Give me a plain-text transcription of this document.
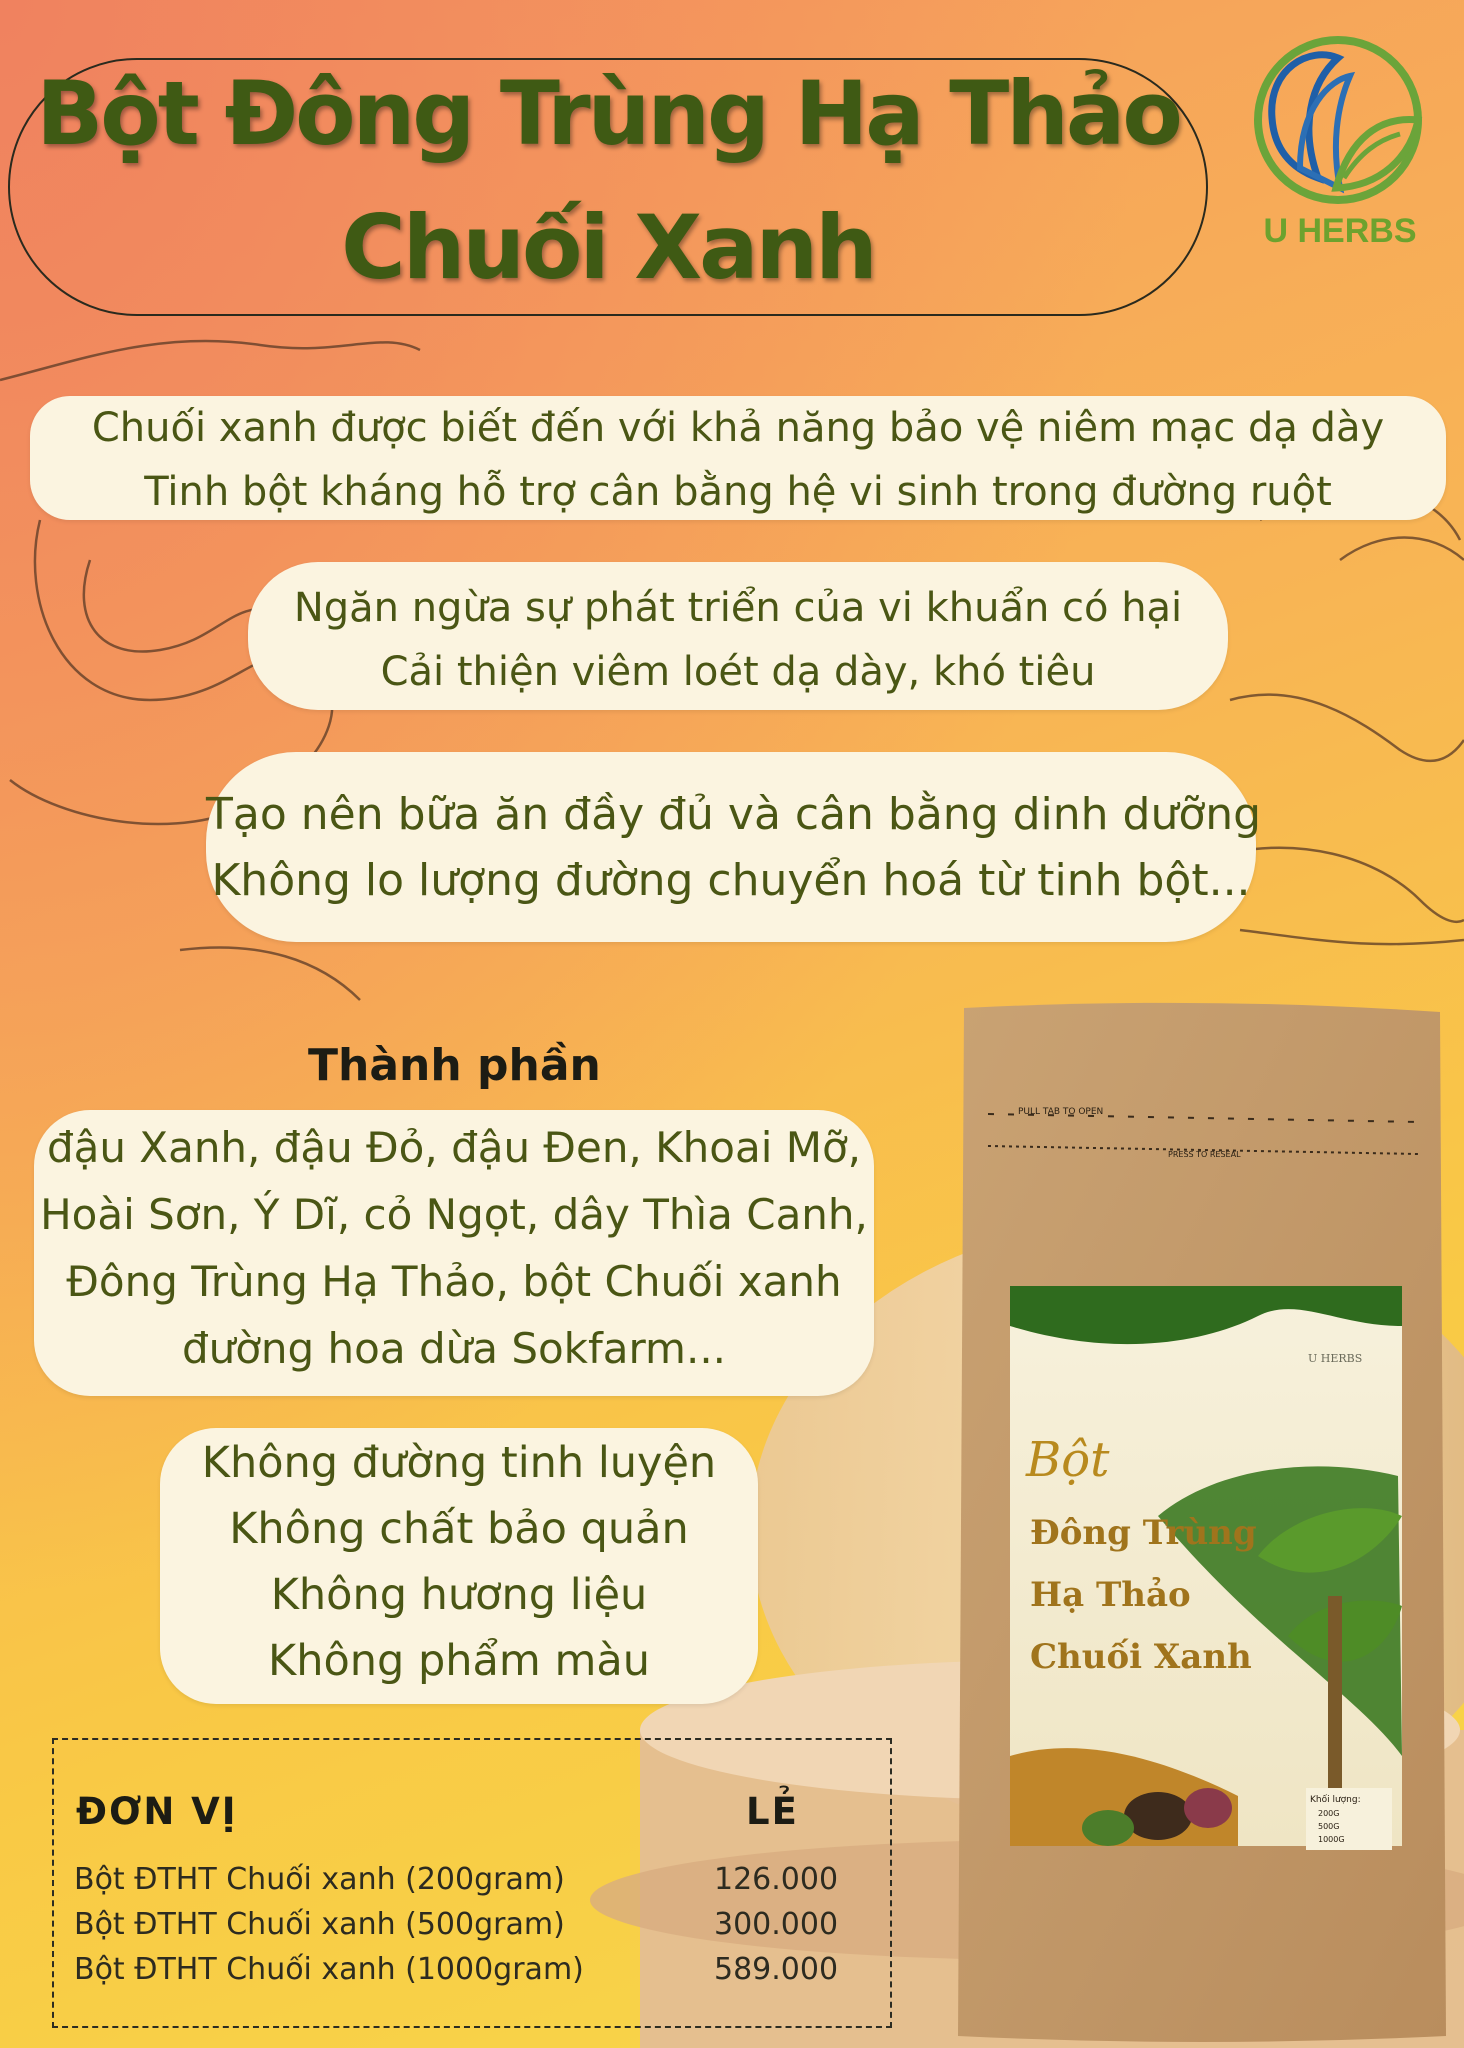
Bột Đông Trùng Hạ Thảo
Chuối Xanh	U HERBS
Chuối xanh được biết đến với khả năng bảo vệ niêm mạc dạ dày
Tinh bột kháng hỗ trợ cân bằng hệ vi sinh trong đường ruột
Ngăn ngừa sự phát triển của vi khuẩn có hại
Cải thiện viêm loét dạ dày, khó tiêu
Tạo nên bữa ăn đầy đủ và cân bằng dinh dưỡng
Không lo lượng đường chuyển hoá từ tinh bột...
Thành phần
đậu Xanh, đậu Đỏ, đậu Đen, Khoai Mỡ,
Hoài Sơn, Ý Dĩ, cỏ Ngọt, dây Thìa Canh,
Đông Trùng Hạ Thảo, bột Chuối xanh
đường hoa dừa Sokfarm...
Không đường tinh luyện
Không chất bảo quản
Không hương liệu
Không phẩm màu
PULL TAB TO OPEN
PRESS TO RESEAL
U HERBS
Bột
Đông Trùng
Hạ Thảo
Chuối Xanh
Khối lượng:
200G
500G
1000G
ĐƠN VỊ	LẺ
Bột ĐTHT Chuối xanh (200gram)	126.000
Bột ĐTHT Chuối xanh (500gram)	300.000
Bột ĐTHT Chuối xanh (1000gram)	589.000
